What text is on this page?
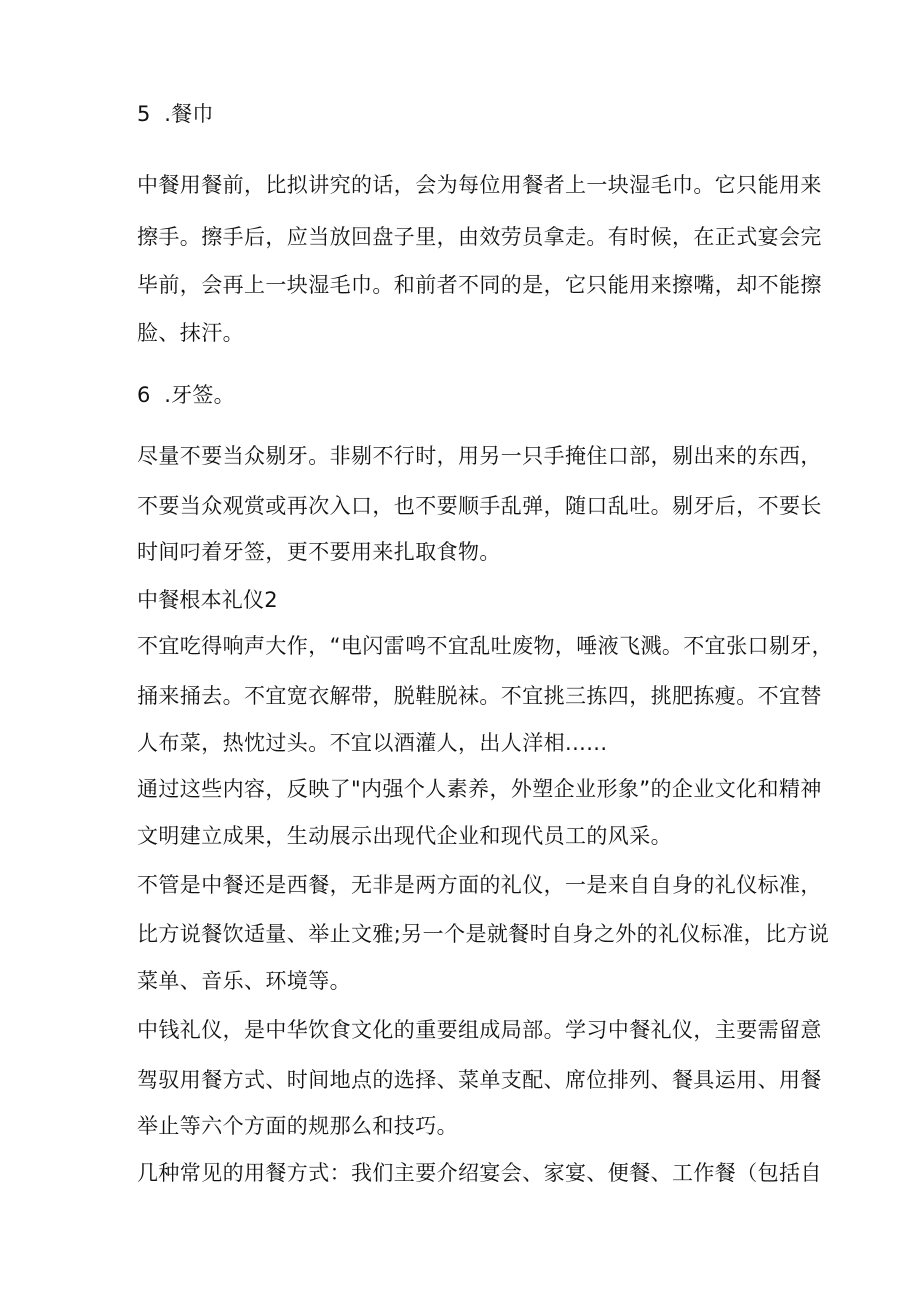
5  .餐巾
中餐用餐前，比拟讲究的话，会为每位用餐者上一块湿毛巾。它只能用来
擦手。擦手后，应当放回盘子里，由效劳员拿走。有时候，在正式宴会完
毕前，会再上一块湿毛巾。和前者不同的是，它只能用来擦嘴，却不能擦
脸、抹汗。
6  .牙签。
尽量不要当众剔牙。非剔不行时，用另一只手掩住口部，剔出来的东西，
不要当众观赏或再次入口，也不要顺手乱弹，随口乱吐。剔牙后，不要长
时间叼着牙签，更不要用来扎取食物。
中餐根本礼仪2
不宜吃得响声大作，“电闪雷鸣不宜乱吐废物，唾液飞溅。不宜张口剔牙，
捅来捅去。不宜宽衣解带，脱鞋脱袜。不宜挑三拣四，挑肥拣瘦。不宜替
人布菜，热忱过头。不宜以酒灌人，出人洋相......
通过这些内容，反映了"内强个人素养，外塑企业形象”的企业文化和精神
文明建立成果，生动展示出现代企业和现代员工的风采。
不管是中餐还是西餐，无非是两方面的礼仪，一是来自自身的礼仪标准，
比方说餐饮适量、举止文雅;另一个是就餐时自身之外的礼仪标准，比方说
菜单、音乐、环境等。
中钱礼仪，是中华饮食文化的重要组成局部。学习中餐礼仪，主要需留意
驾驭用餐方式、时间地点的选择、菜单支配、席位排列、餐具运用、用餐
举止等六个方面的规那么和技巧。
几种常见的用餐方式：我们主要介绍宴会、家宴、便餐、工作餐（包括自
